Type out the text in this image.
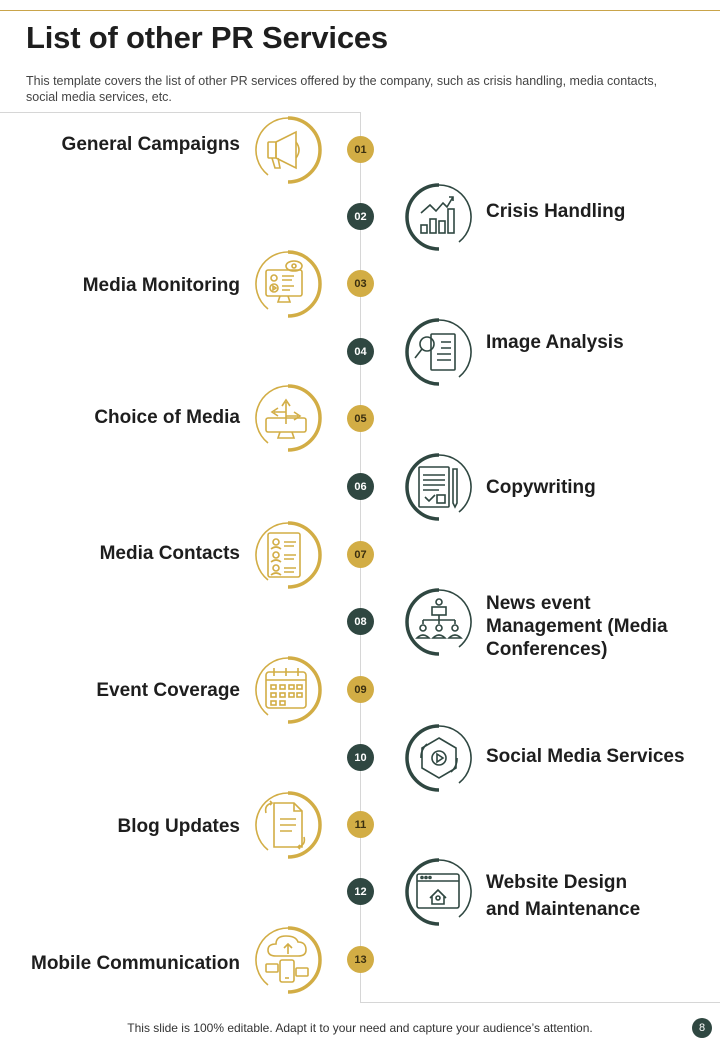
List of other PR Services

This template covers the list of other PR services offered by the company, such as crisis handling, media contacts, social media services, etc.

01
General Campaigns
02	Crisis Handling
03
Media Monitoring
04	Image Analysis
05
Choice of Media
06	Copywriting
07
Media Contacts
08
News event Management (Media Conferences)
09
Event Coverage
10	Social Media Services
11
Blog Updates
12	Website Design and Maintenance
13
Mobile Communication
This slide is 100% editable. Adapt it to your need and capture your audience’s attention.	8
